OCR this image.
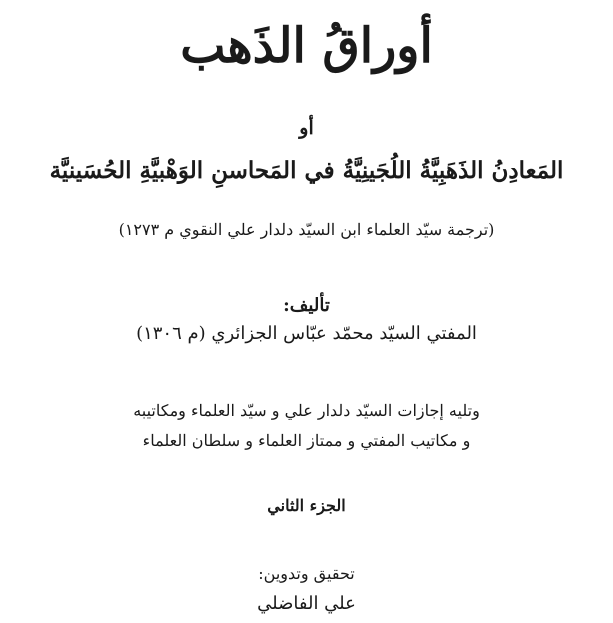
أوراقُ الذَهب
أو
المَعادِنُ الذَهَبِيَّةُ اللُجَينِيَّةُ في المَحاسنِ الوَهْبيَّةِ الحُسَينيَّة
(ترجمة سيّد العلماء ابن السيّد دلدار علي النقوي م ١٢٧٣)
تأليف:
المفتي السيّد محمّد عبّاس الجزائري (م ١٣٠٦)
وتليه إجازات السيّد دلدار علي و سيّد العلماء ومكاتيبه
و مكاتيب المفتي و ممتاز العلماء و سلطان العلماء
الجزء الثاني
تحقيق وتدوين:
علي الفاضلي
